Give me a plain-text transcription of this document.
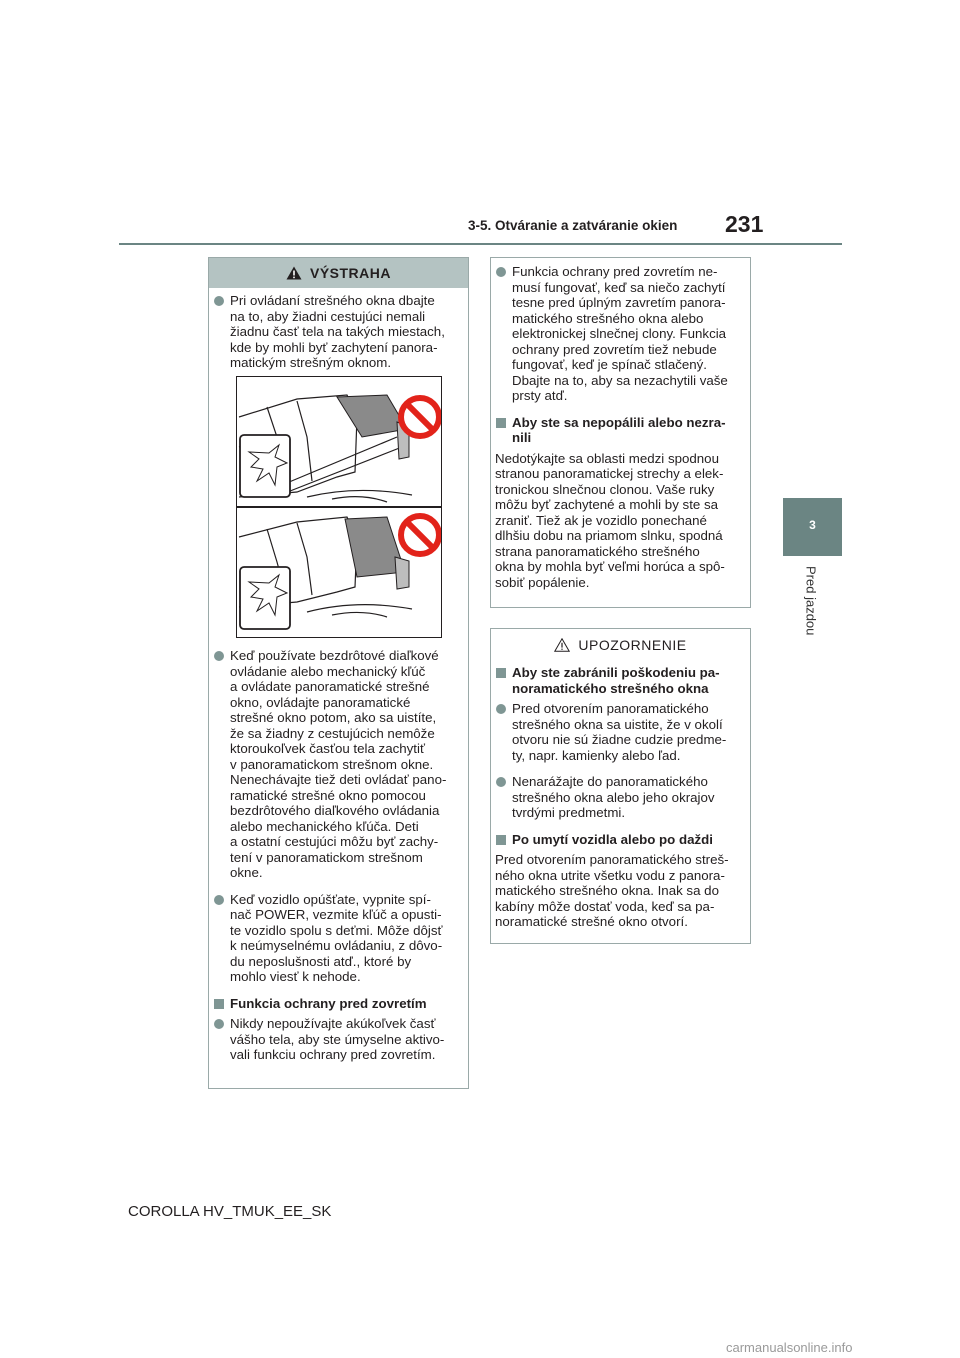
3-5. Otváranie a zatváranie okien 231
3
Pred jazdou
VÝSTRAHA
Pri ovládaní strešného okna dbajte
na to, aby žiadni cestujúci nemali
žiadnu časť tela na takých miestach,
kde by mohli byť zachytení panora-
matickým strešným oknom.
Keď používate bezdrôtové diaľkové
ovládanie alebo mechanický kľúč
a ovládate panoramatické strešné
okno, ovládajte panoramatické
strešné okno potom, ako sa uistíte,
že sa žiadny z cestujúcich nemôže
ktoroukoľvek časťou tela zachytiť
v panoramatickom strešnom okne.
Nenechávajte tiež deti ovládať pano-
ramatické strešné okno pomocou
bezdrôtového diaľkového ovládania
alebo mechanického kľúča. Deti
a ostatní cestujúci môžu byť zachy-
tení v panoramatickom strešnom
okne.
Keď vozidlo opúšťate, vypnite spí-
nač POWER, vezmite kľúč a opusti-
te vozidlo spolu s deťmi. Môže dôjsť
k neúmyselnému ovládaniu, z dôvo-
du neposlušnosti atď., ktoré by
mohlo viesť k nehode.
Funkcia ochrany pred zovretím
Nikdy nepoužívajte akúkoľvek časť
vášho tela, aby ste úmyselne aktivo-
vali funkciu ochrany pred zovretím.
Funkcia ochrany pred zovretím ne-
musí fungovať, keď sa niečo zachytí
tesne pred úplným zavretím panora-
matického strešného okna alebo
elektronickej slnečnej clony. Funkcia
ochrany pred zovretím tiež nebude
fungovať, keď je spínač stlačený.
Dbajte na to, aby sa nezachytili vaše
prsty atď.
Aby ste sa nepopálili alebo nezra-
nili
Nedotýkajte sa oblasti medzi spodnou
stranou panoramatickej strechy a elek-
tronickou slnečnou clonou. Vaše ruky
môžu byť zachytené a mohli by ste sa
zraniť. Tiež ak je vozidlo ponechané
dlhšiu dobu na priamom slnku, spodná
strana panoramatického strešného
okna by mohla byť veľmi horúca a spô-
sobiť popálenie.
UPOZORNENIE
Aby ste zabránili poškodeniu pa-
noramatického strešného okna
Pred otvorením panoramatického
strešného okna sa uistite, že v okolí
otvoru nie sú žiadne cudzie predme-
ty, napr. kamienky alebo ľad.
Nenarážajte do panoramatického
strešného okna alebo jeho okrajov
tvrdými predmetmi.
Po umytí vozidla alebo po daždi
Pred otvorením panoramatického streš-
ného okna utrite všetku vodu z panora-
matického strešného okna. Inak sa do
kabíny môže dostať voda, keď sa pa-
noramatické strešné okno otvorí.
COROLLA HV_TMUK_EE_SK
carmanualsonline.info
